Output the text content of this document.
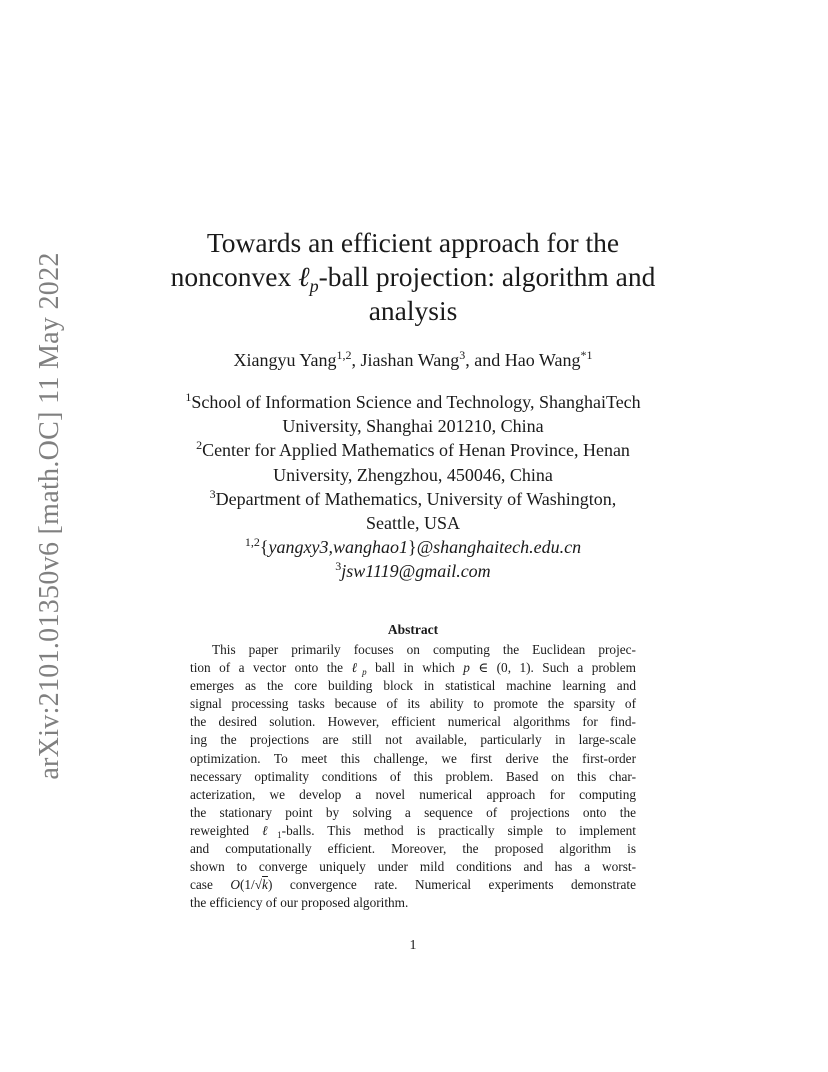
arXiv:2101.01350v6 [math.OC] 11 May 2022
Towards an efficient approach for the
nonconvex ℓ$_p$-ball projection: algorithm and
analysis
Xiangyu Yang$^{1,2}$, Jiashan Wang$^3$, and Hao Wang$^{*1}$
$^1$School of Information Science and Technology, ShanghaiTech
University, Shanghai 201210, China
$^2$Center for Applied Mathematics of Henan Province, Henan
University, Zhengzhou, 450046, China
$^3$Department of Mathematics, University of Washington,
Seattle, USA
$^{1,2}${yangxy3,wanghao1}@shanghaitech.edu.cn
$^3$jsw1119@gmail.com
Abstract
This paper primarily focuses on computing the Euclidean projec-
tion of a vector onto the ℓ$_p$ ball in which p ∈ (0, 1). Such a problem
emerges as the core building block in statistical machine learning and
signal processing tasks because of its ability to promote the sparsity of
the desired solution. However, efficient numerical algorithms for find-
ing the projections are still not available, particularly in large-scale
optimization. To meet this challenge, we first derive the first-order
necessary optimality conditions of this problem. Based on this char-
acterization, we develop a novel numerical approach for computing
the stationary point by solving a sequence of projections onto the
reweighted ℓ$_1$-balls. This method is practically simple to implement
and computationally efficient. Moreover, the proposed algorithm is
shown to converge uniquely under mild conditions and has a worst-
case O(1/√k) convergence rate. Numerical experiments demonstrate
the efficiency of our proposed algorithm.
1
